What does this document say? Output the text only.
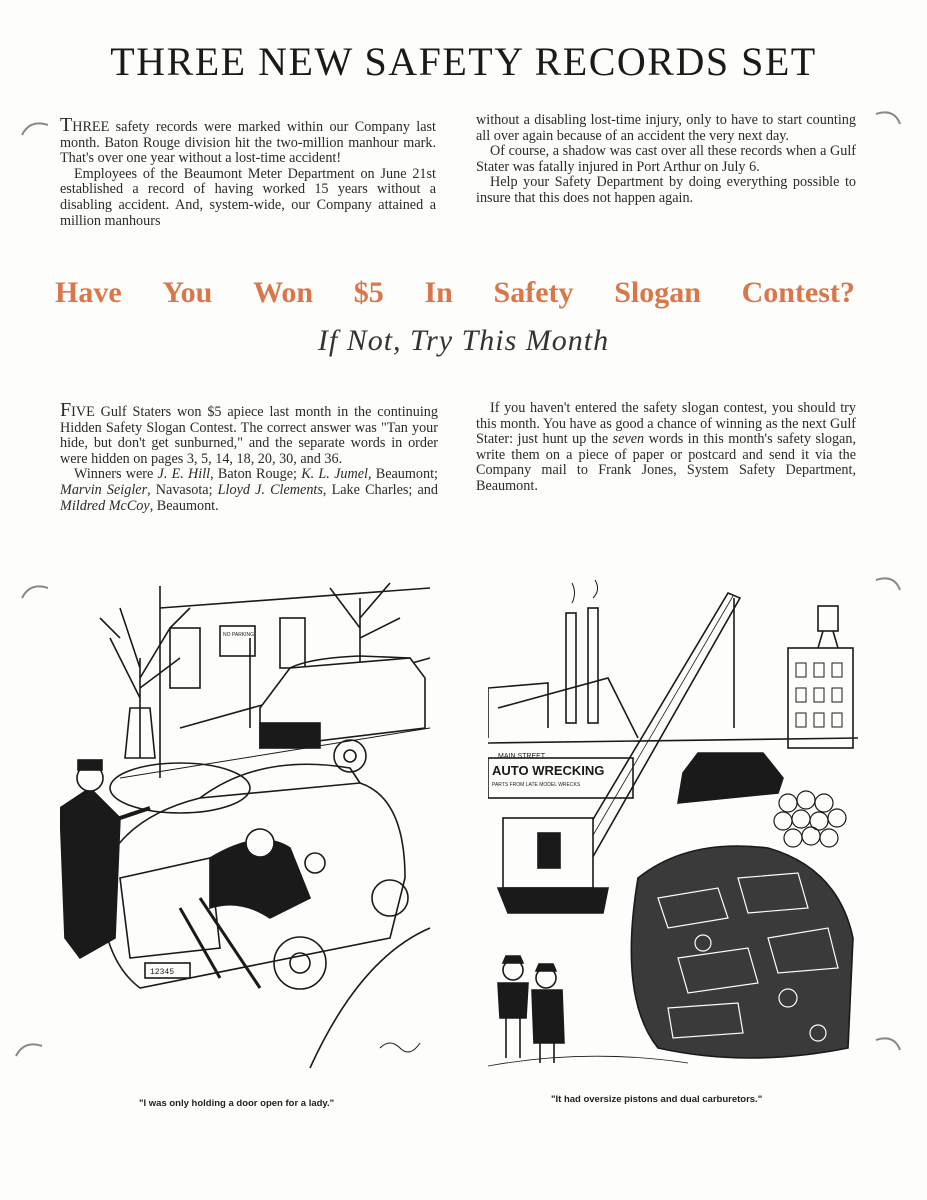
THREE NEW SAFETY RECORDS SET

THREE safety records were marked within our Company last month. Baton Rouge division hit the two-million manhour mark. That's over one year without a lost-time accident!

Employees of the Beaumont Meter Department on June 21st established a record of having worked 15 years without a disabling accident. And, system-wide, our Company attained a million manhours

without a disabling lost-time injury, only to have to start counting all over again because of an accident the very next day.

Of course, a shadow was cast over all these records when a Gulf Stater was fatally injured in Port Arthur on July 6.

Help your Safety Department by doing everything possible to insure that this does not happen again.

Have You Won $5 In Safety Slogan Contest?
If Not, Try This Month

FIVE Gulf Staters won $5 apiece last month in the continuing Hidden Safety Slogan Contest. The correct answer was "Tan your hide, but don't get sunburned," and the separate words in order were hidden on pages 3, 5, 14, 18, 20, 30, and 36.

Winners were J. E. Hill, Baton Rouge; K. L. Jumel, Beaumont; Marvin Seigler, Navasota; Lloyd J. Clements, Lake Charles; and Mildred McCoy, Beaumont.

If you haven't entered the safety slogan contest, you should try this month. You have as good a chance of winning as the next Gulf Stater: just hunt up the seven words in this month's safety slogan, write them on a piece of paper or postcard and send it via the Company mail to Frank Jones, System Safety Department, Beaumont.

NO PARKING
12345
"I was only holding a door open for a lady."
MAIN STREET
AUTO WRECKING
PARTS FROM LATE MODEL WRECKS
"It had oversize pistons and dual carburetors."
